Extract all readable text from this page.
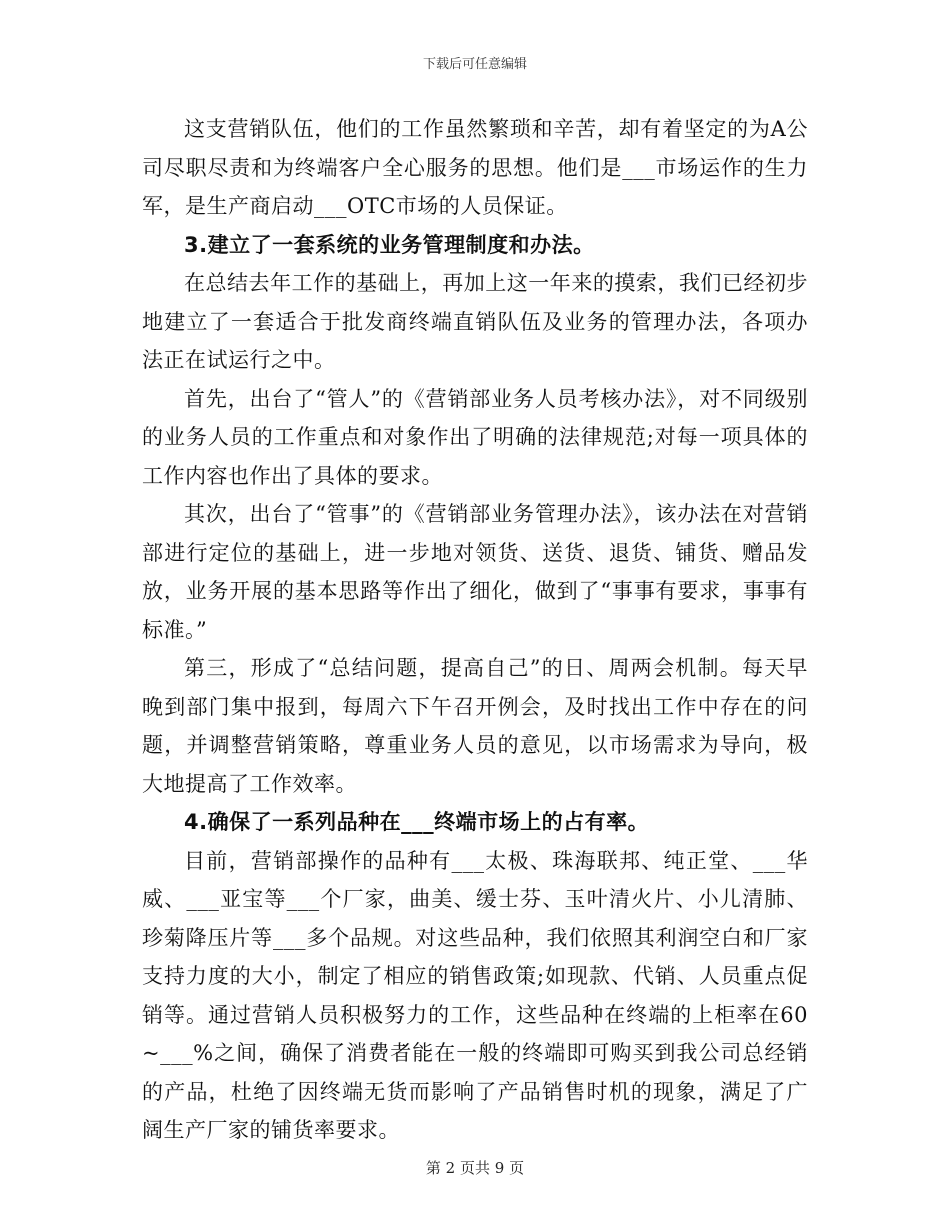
下载后可任意编辑

这支营销队伍，他们的工作虽然繁琐和辛苦，却有着坚定的为A公司尽职尽责和为终端客户全心服务的思想。他们是___市场运作的生力军，是生产商启动___OTC市场的人员保证。

3.建立了一套系统的业务管理制度和办法。

在总结去年工作的基础上，再加上这一年来的摸索，我们已经初步地建立了一套适合于批发商终端直销队伍及业务的管理办法，各项办法正在试运行之中。

首先，出台了“管人”的《营销部业务人员考核办法》，对不同级别的业务人员的工作重点和对象作出了明确的法律规范;对每一项具体的工作内容也作出了具体的要求。

其次，出台了“管事”的《营销部业务管理办法》，该办法在对营销部进行定位的基础上，进一步地对领货、送货、退货、铺货、赠品发放，业务开展的基本思路等作出了细化，做到了“事事有要求，事事有标准。”

第三，形成了“总结问题，提高自己”的日、周两会机制。每天早晚到部门集中报到，每周六下午召开例会，及时找出工作中存在的问题，并调整营销策略，尊重业务人员的意见，以市场需求为导向，极大地提高了工作效率。

4.确保了一系列品种在___终端市场上的占有率。

目前，营销部操作的品种有___太极、珠海联邦、纯正堂、___华威、___亚宝等___个厂家，曲美、缓士芬、玉叶清火片、小儿清肺、珍菊降压片等___多个品规。对这些品种，我们依照其利润空白和厂家支持力度的大小，制定了相应的销售政策;如现款、代销、人员重点促销等。通过营销人员积极努力的工作，这些品种在终端的上柜率在60~___%之间，确保了消费者能在一般的终端即可购买到我公司总经销的产品，杜绝了因终端无货而影响了产品销售时机的现象，满足了广阔生产厂家的铺货率要求。

第 2 页共 9 页
